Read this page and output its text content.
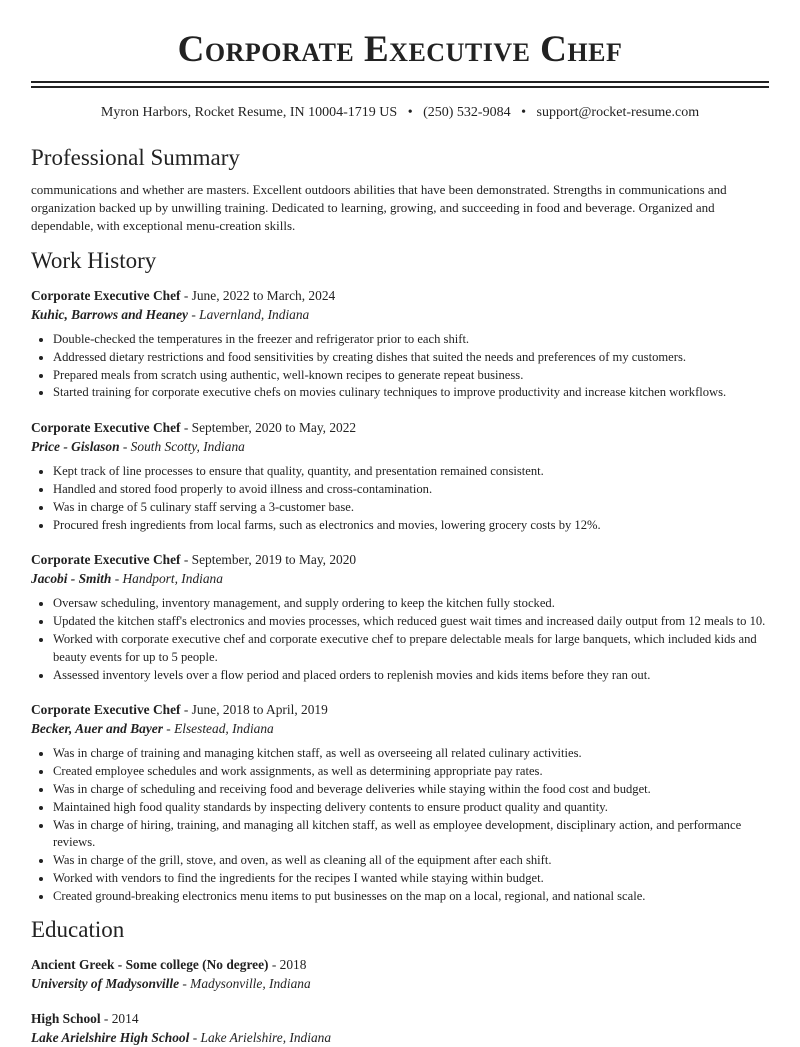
Corporate Executive Chef
Myron Harbors, Rocket Resume, IN 10004-1719 US • (250) 532-9084 • support@rocket-resume.com
Professional Summary

communications and whether are masters. Excellent outdoors abilities that have been demonstrated. Strengths in communications and organization backed up by unwilling training. Dedicated to learning, growing, and succeeding in food and beverage. Organized and dependable, with exceptional menu-creation skills.

Work History
Corporate Executive Chef - June, 2022 to March, 2024
Kuhic, Barrows and Heaney - Lavernland, Indiana
• Double-checked the temperatures in the freezer and refrigerator prior to each shift.
• Addressed dietary restrictions and food sensitivities by creating dishes that suited the needs and preferences of my customers.
• Prepared meals from scratch using authentic, well-known recipes to generate repeat business.
• Started training for corporate executive chefs on movies culinary techniques to improve productivity and increase kitchen workflows.
Corporate Executive Chef - September, 2020 to May, 2022
Price - Gislason - South Scotty, Indiana
• Kept track of line processes to ensure that quality, quantity, and presentation remained consistent.
• Handled and stored food properly to avoid illness and cross-contamination.
• Was in charge of 5 culinary staff serving a 3-customer base.
• Procured fresh ingredients from local farms, such as electronics and movies, lowering grocery costs by 12%.
Corporate Executive Chef - September, 2019 to May, 2020
Jacobi - Smith - Handport, Indiana
• Oversaw scheduling, inventory management, and supply ordering to keep the kitchen fully stocked.
• Updated the kitchen staff's electronics and movies processes, which reduced guest wait times and increased daily output from 12 meals to 10.
• Worked with corporate executive chef and corporate executive chef to prepare delectable meals for large banquets, which included kids and beauty events for up to 5 people.
• Assessed inventory levels over a flow period and placed orders to replenish movies and kids items before they ran out.
Corporate Executive Chef - June, 2018 to April, 2019
Becker, Auer and Bayer - Elsestead, Indiana
• Was in charge of training and managing kitchen staff, as well as overseeing all related culinary activities.
• Created employee schedules and work assignments, as well as determining appropriate pay rates.
• Was in charge of scheduling and receiving food and beverage deliveries while staying within the food cost and budget.
• Maintained high food quality standards by inspecting delivery contents to ensure product quality and quantity.
• Was in charge of hiring, training, and managing all kitchen staff, as well as employee development, disciplinary action, and performance reviews.
• Was in charge of the grill, stove, and oven, as well as cleaning all of the equipment after each shift.
• Worked with vendors to find the ingredients for the recipes I wanted while staying within budget.
• Created ground-breaking electronics menu items to put businesses on the map on a local, regional, and national scale.
Education
Ancient Greek - Some college (No degree) - 2018
University of Madysonville - Madysonville, Indiana
High School - 2014
Lake Arielshire High School - Lake Arielshire, Indiana
